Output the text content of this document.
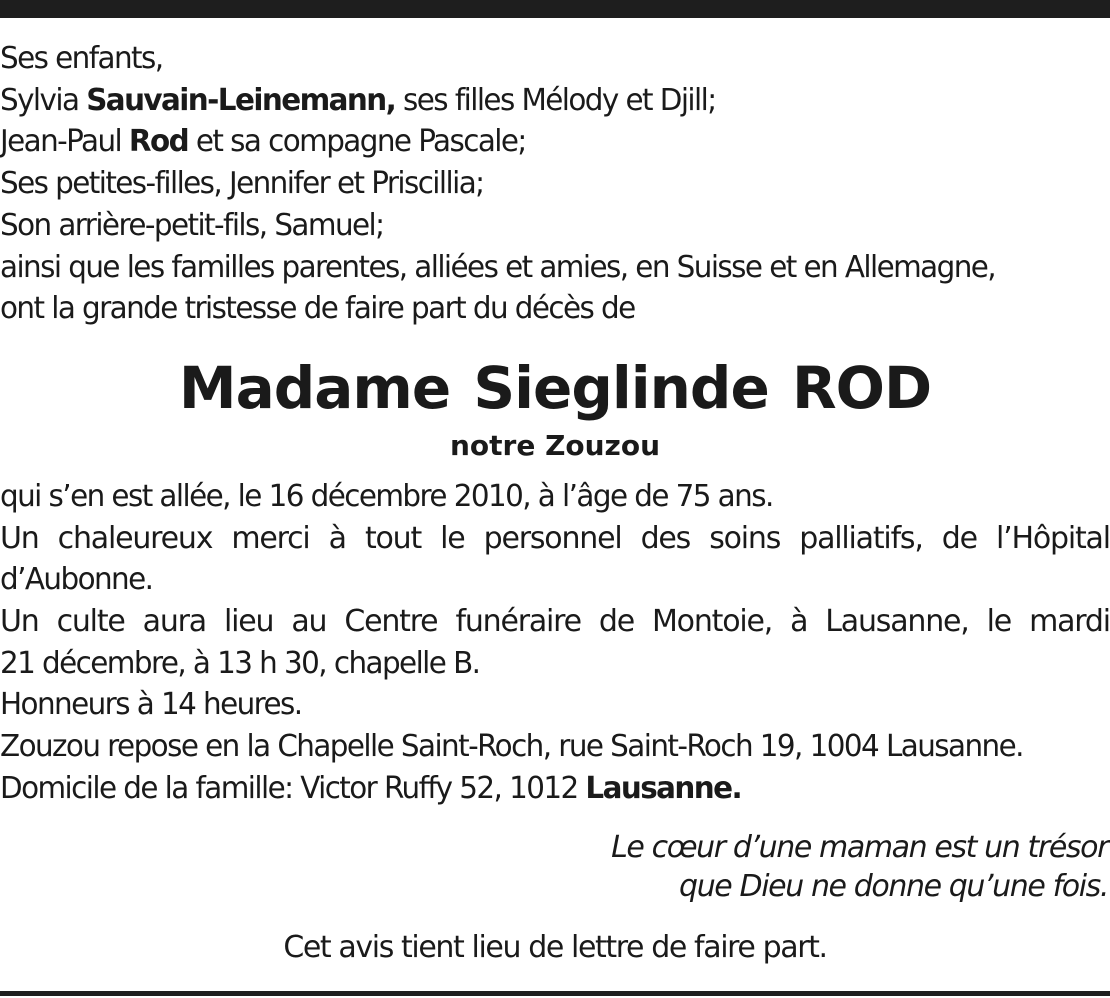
Ses enfants,
Sylvia Sauvain-Leinemann, ses filles Mélody et Djill;
Jean-Paul Rod et sa compagne Pascale;
Ses petites-filles, Jennifer et Priscillia;
Son arrière-petit-fils, Samuel;
ainsi que les familles parentes, alliées et amies, en Suisse et en Allemagne,
ont la grande tristesse de faire part du décès de
Madame Sieglinde ROD
notre Zouzou
qui s’en est allée, le 16 décembre 2010, à l’âge de 75 ans.
Un chaleureux merci à tout le personnel des soins palliatifs, de l’Hôpital
d’Aubonne.
Un culte aura lieu au Centre funéraire de Montoie, à Lausanne, le mardi
21 décembre, à 13 h 30, chapelle B.
Honneurs à 14 heures.
Zouzou repose en la Chapelle Saint-Roch, rue Saint-Roch 19, 1004 Lausanne.
Domicile de la famille: Victor Ruffy 52, 1012 Lausanne.
Le cœur d’une maman est un trésor
que Dieu ne donne qu’une fois.
Cet avis tient lieu de lettre de faire part.
